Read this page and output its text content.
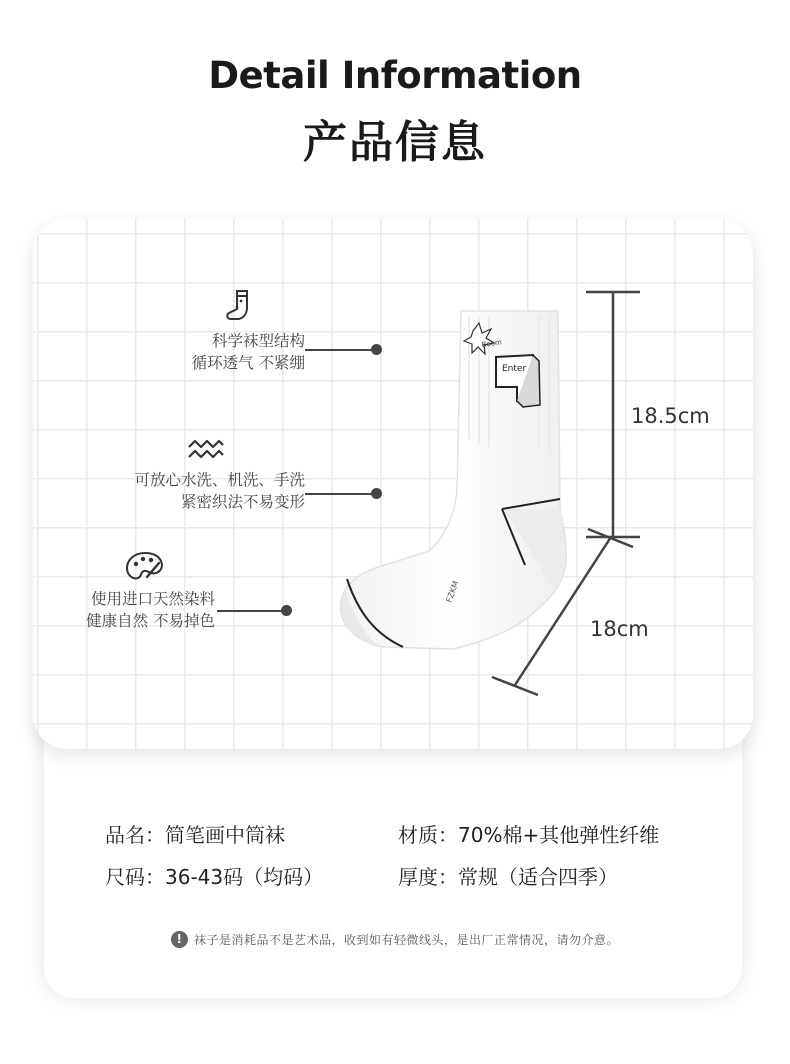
Detail Information
产品信息
Boom
Enter
FZKM
科学袜型结构
循环透气 不紧绷
可放心水洗、机洗、手洗
紧密织法不易变形
使用进口天然染料
健康自然 不易掉色
18.5cm
18cm
品名：简笔画中筒袜	材质：70%棉+其他弹性纤维
尺码：36-43码（均码）	厚度：常规（适合四季）
! 袜子是消耗品不是艺术品，收到如有轻微线头，是出厂正常情况，请勿介意。
